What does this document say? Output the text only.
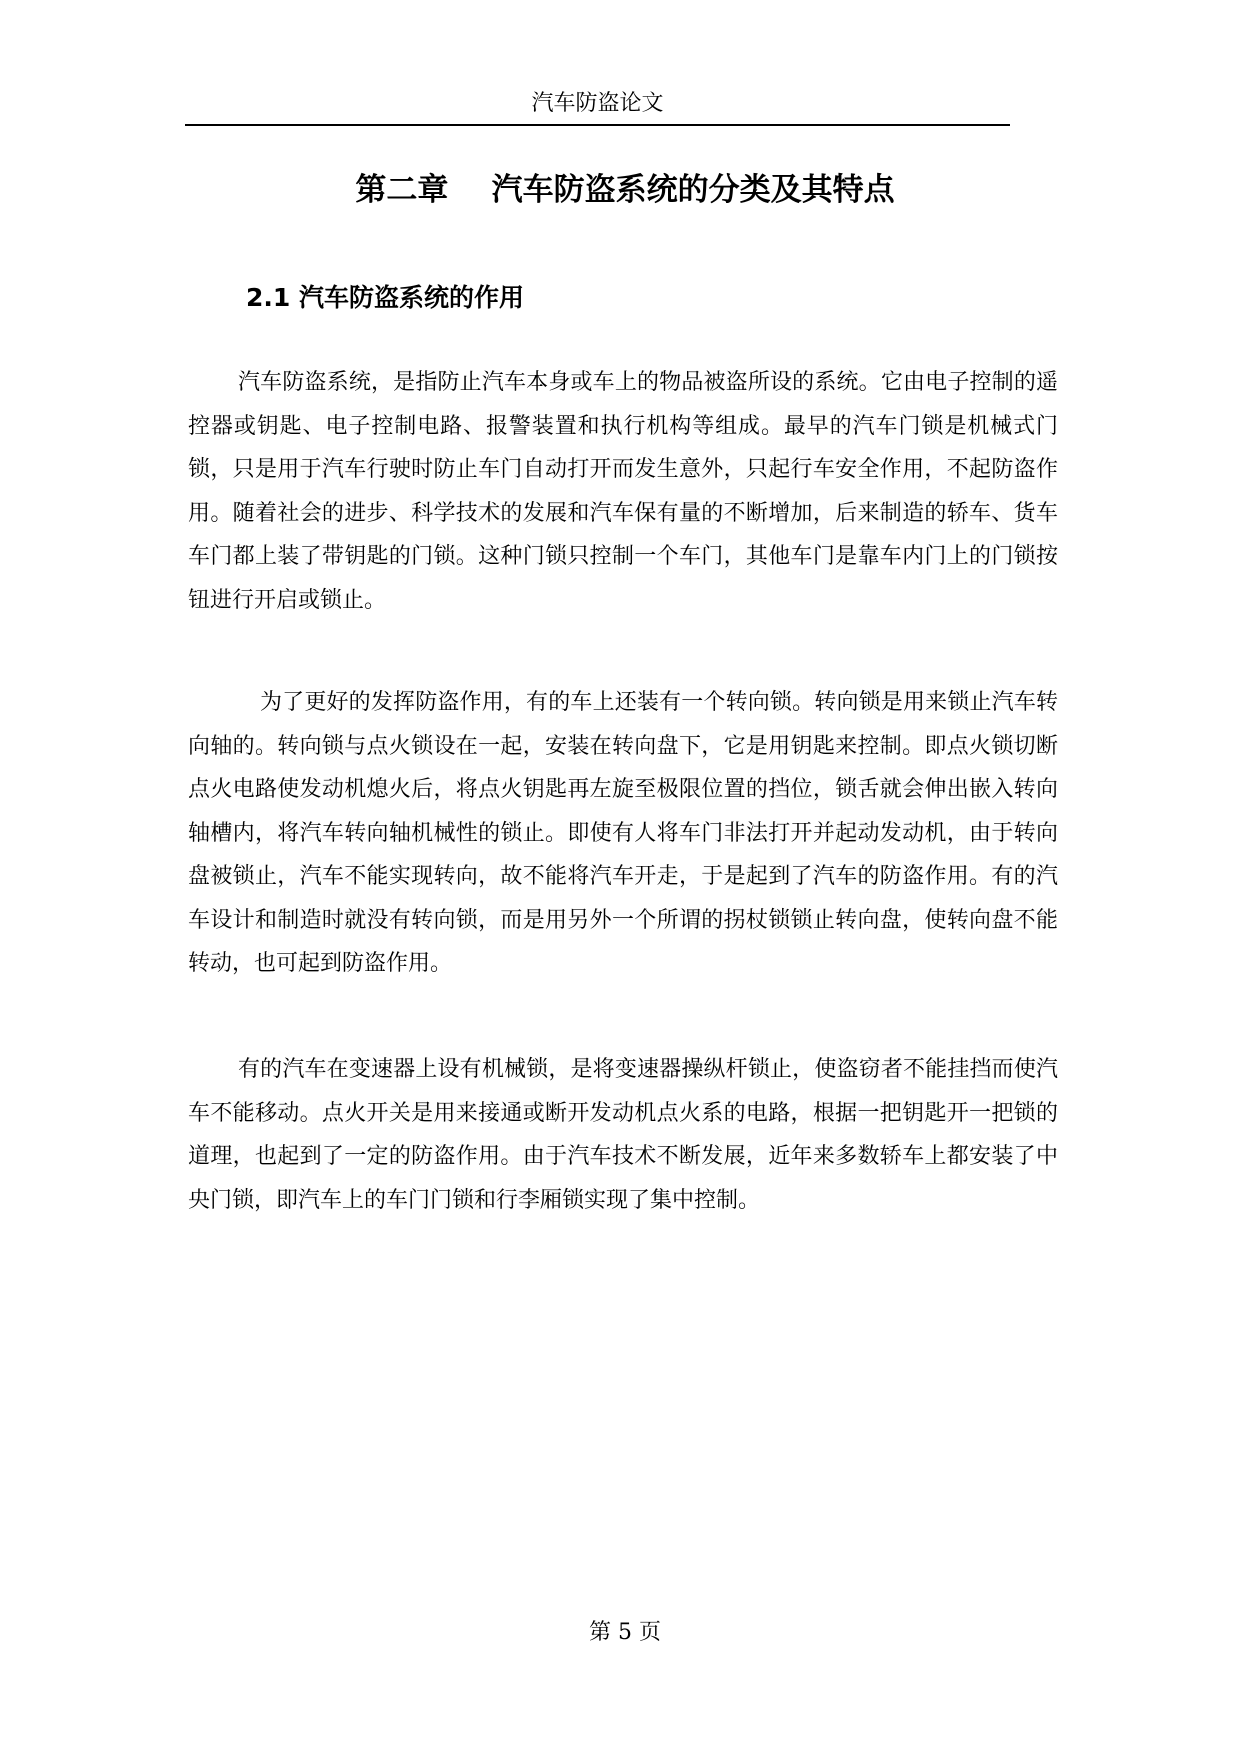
汽车防盗论文
第二章    汽车防盗系统的分类及其特点
2.1 汽车防盗系统的作用

汽车防盗系统，是指防止汽车本身或车上的物品被盗所设的系统。它由电子控制的遥控器或钥匙、电子控制电路、报警装置和执行机构等组成。最早的汽车门锁是机械式门锁，只是用于汽车行驶时防止车门自动打开而发生意外，只起行车安全作用，不起防盗作用。随着社会的进步、科学技术的发展和汽车保有量的不断增加，后来制造的轿车、货车车门都上装了带钥匙的门锁。这种门锁只控制一个车门，其他车门是靠车内门上的门锁按钮进行开启或锁止。

为了更好的发挥防盗作用，有的车上还装有一个转向锁。转向锁是用来锁止汽车转向轴的。转向锁与点火锁设在一起，安装在转向盘下，它是用钥匙来控制。即点火锁切断点火电路使发动机熄火后，将点火钥匙再左旋至极限位置的挡位，锁舌就会伸出嵌入转向轴槽内，将汽车转向轴机械性的锁止。即使有人将车门非法打开并起动发动机，由于转向盘被锁止，汽车不能实现转向，故不能将汽车开走，于是起到了汽车的防盗作用。有的汽车设计和制造时就没有转向锁，而是用另外一个所谓的拐杖锁锁止转向盘，使转向盘不能转动，也可起到防盗作用。

有的汽车在变速器上设有机械锁，是将变速器操纵杆锁止，使盗窃者不能挂挡而使汽车不能移动。点火开关是用来接通或断开发动机点火系的电路，根据一把钥匙开一把锁的道理，也起到了一定的防盗作用。由于汽车技术不断发展，近年来多数轿车上都安装了中央门锁，即汽车上的车门门锁和行李厢锁实现了集中控制。

第 5 页
